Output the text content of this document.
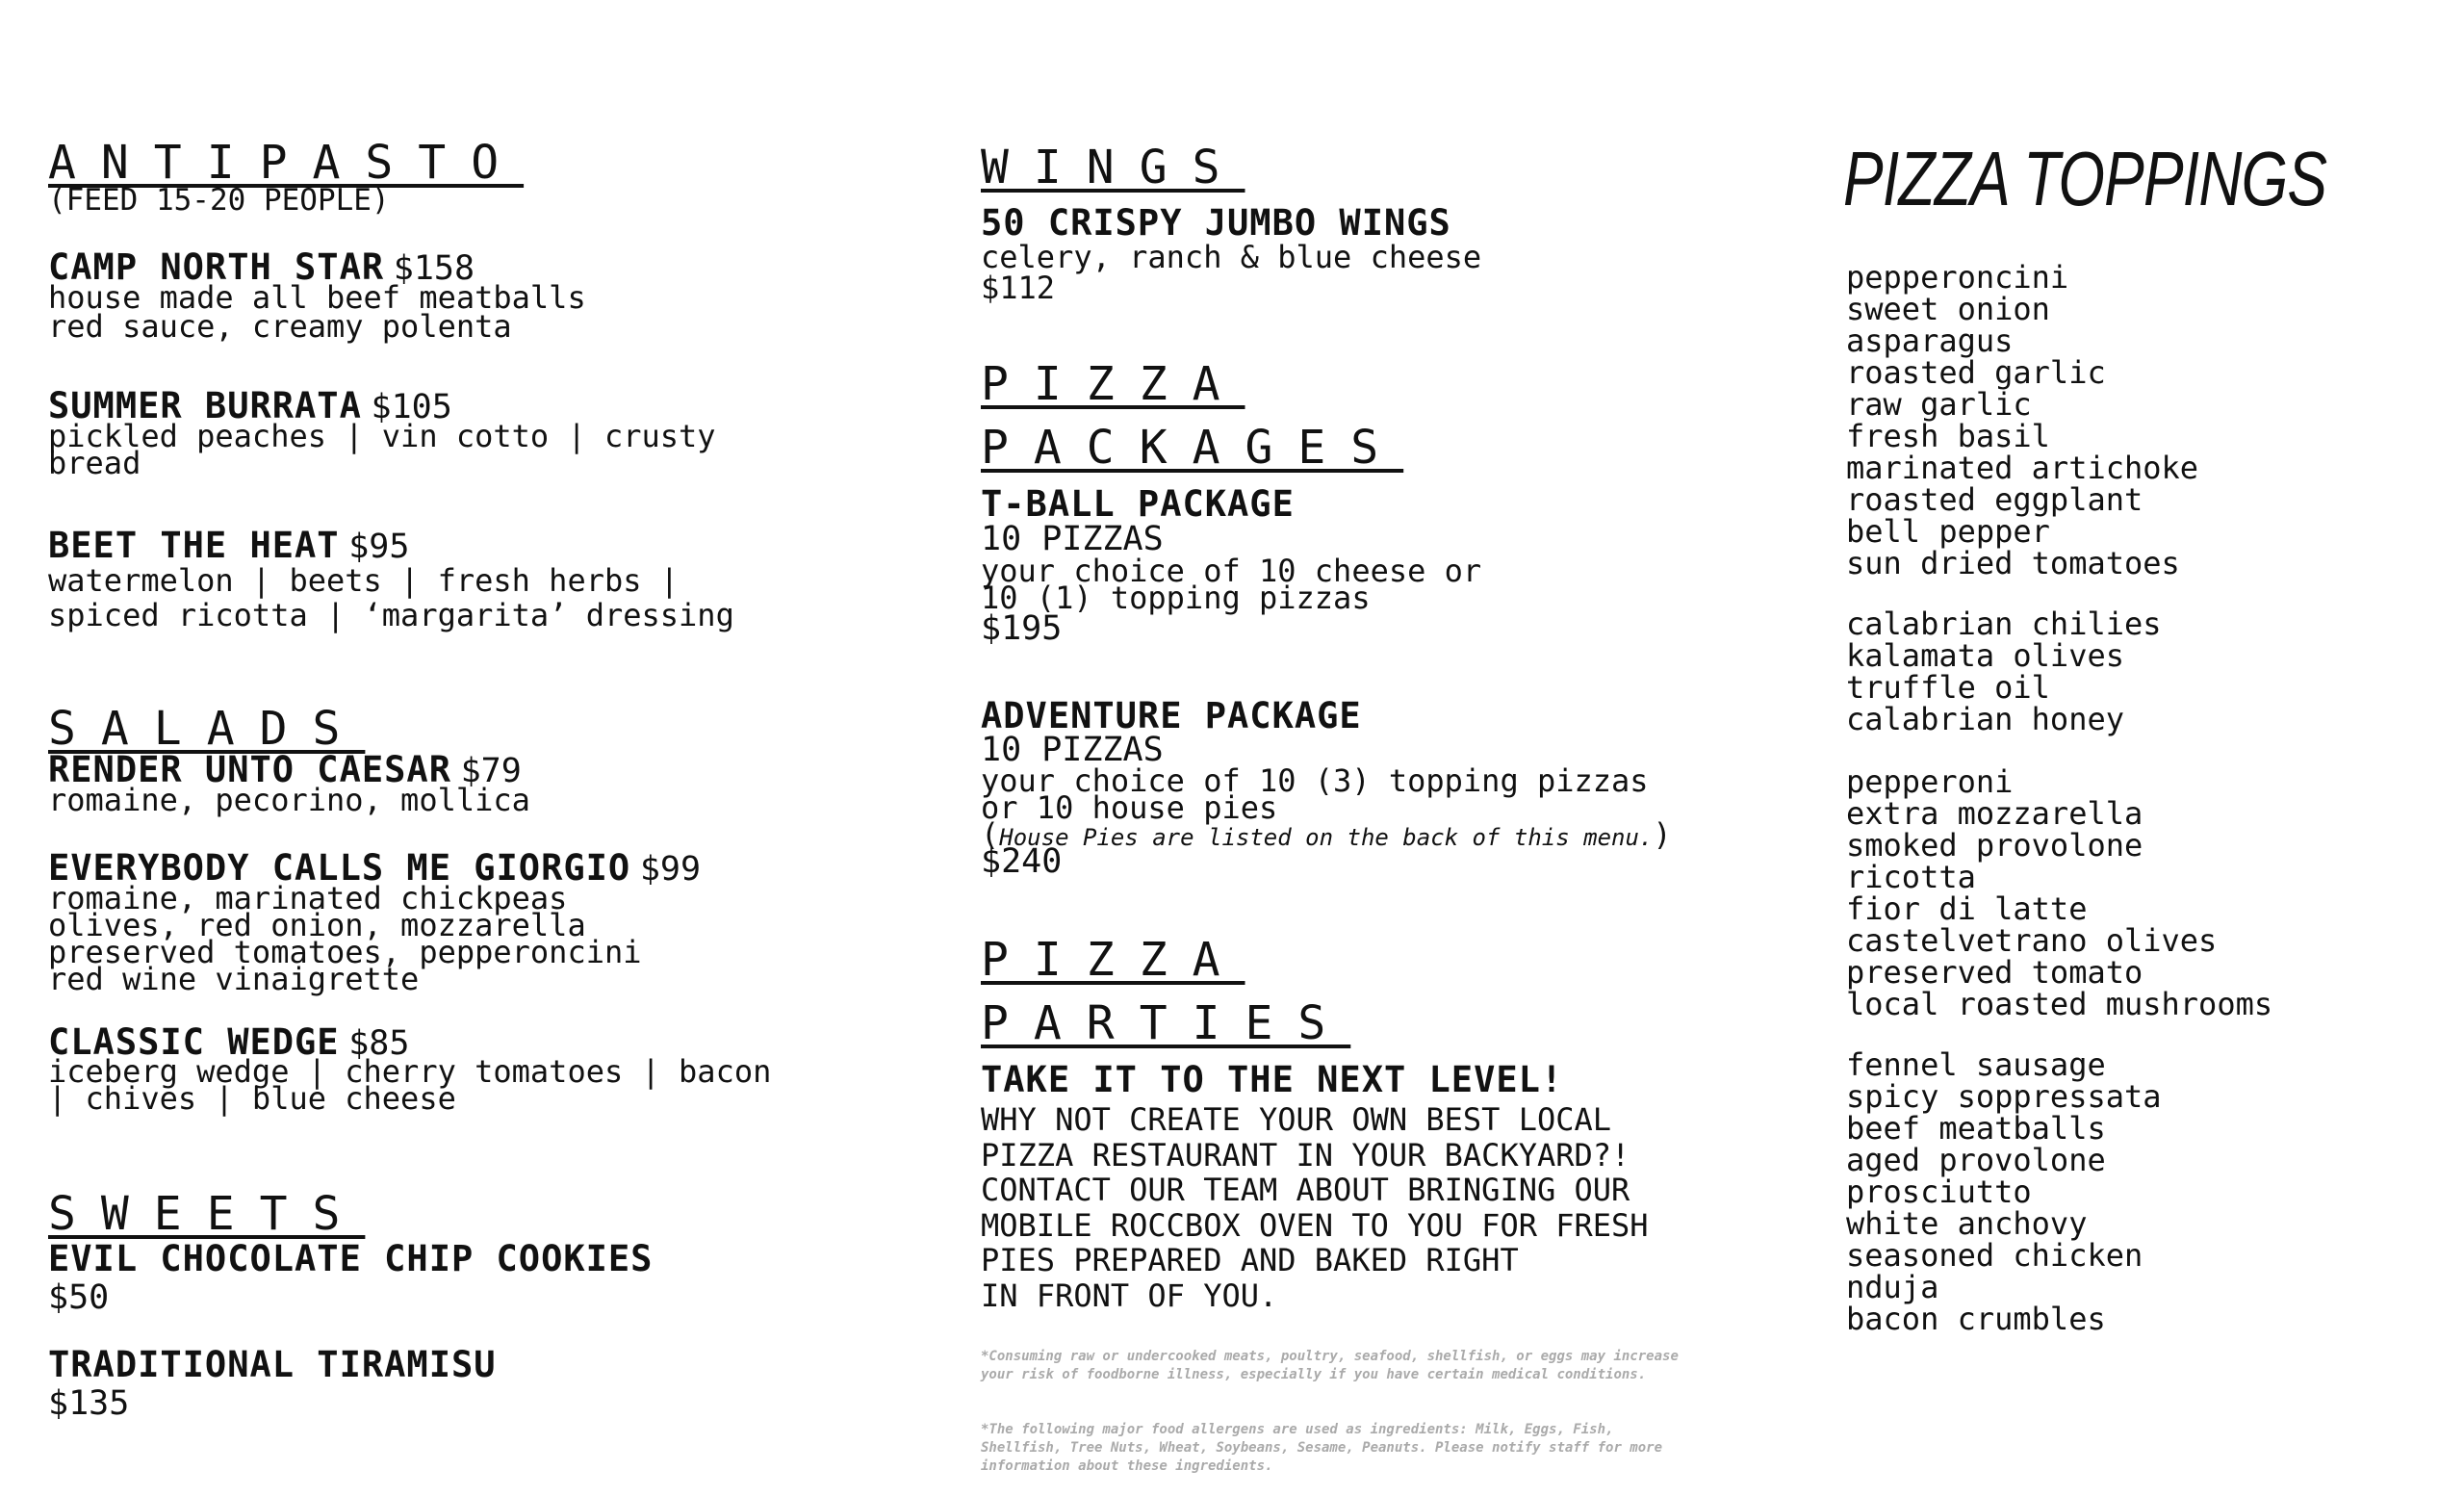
ANTIPASTO
(FEED 15-20 PEOPLE)
CAMP NORTH STAR $158
house made all beef meatballs
red sauce, creamy polenta
SUMMER BURRATA $105
pickled peaches | vin cotto | crusty
bread
BEET THE HEAT $95
watermelon | beets | fresh herbs |
spiced ricotta | ‘margarita’ dressing
SALADS
RENDER UNTO CAESAR $79
romaine, pecorino, mollica
EVERYBODY CALLS ME GIORGIO $99
romaine, marinated chickpeas
olives, red onion, mozzarella
preserved tomatoes, pepperoncini
red wine vinaigrette
CLASSIC WEDGE $85
iceberg wedge | cherry tomatoes | bacon
| chives | blue cheese
SWEETS
EVIL CHOCOLATE CHIP COOKIES
$50
TRADITIONAL TIRAMISU
$135
WINGS
50 CRISPY JUMBO WINGS
celery, ranch & blue cheese
$112
PIZZA
PACKAGES
T-BALL PACKAGE
10 PIZZAS
your choice of 10 cheese or
10 (1) topping pizzas
$195
ADVENTURE PACKAGE
10 PIZZAS
your choice of 10 (3) topping pizzas
or 10 house pies
(House Pies are listed on the back of this menu.)
$240
PIZZA
PARTIES
TAKE IT TO THE NEXT LEVEL!
WHY NOT CREATE YOUR OWN BEST LOCAL
PIZZA RESTAURANT IN YOUR BACKYARD?!
CONTACT OUR TEAM ABOUT BRINGING OUR
MOBILE ROCCBOX OVEN TO YOU FOR FRESH
PIES PREPARED AND BAKED RIGHT
IN FRONT OF YOU.
*Consuming raw or undercooked meats, poultry, seafood, shellfish, or eggs may increase your risk of foodborne illness, especially if you have certain medical conditions.
*The following major food allergens are used as ingredients: Milk, Eggs, Fish, Shellfish, Tree Nuts, Wheat, Soybeans, Sesame, Peanuts. Please notify staff for more information about these ingredients.
PIZZA TOPPINGS
pepperoncini
sweet onion
asparagus
roasted garlic
raw garlic
fresh basil
marinated artichoke
roasted eggplant
bell pepper
sun dried tomatoes
calabrian chilies
kalamata olives
truffle oil
calabrian honey
pepperoni
extra mozzarella
smoked provolone
ricotta
fior di latte
castelvetrano olives
preserved tomato
local roasted mushrooms
fennel sausage
spicy soppressata
beef meatballs
aged provolone
prosciutto
white anchovy
seasoned chicken
nduja
bacon crumbles
